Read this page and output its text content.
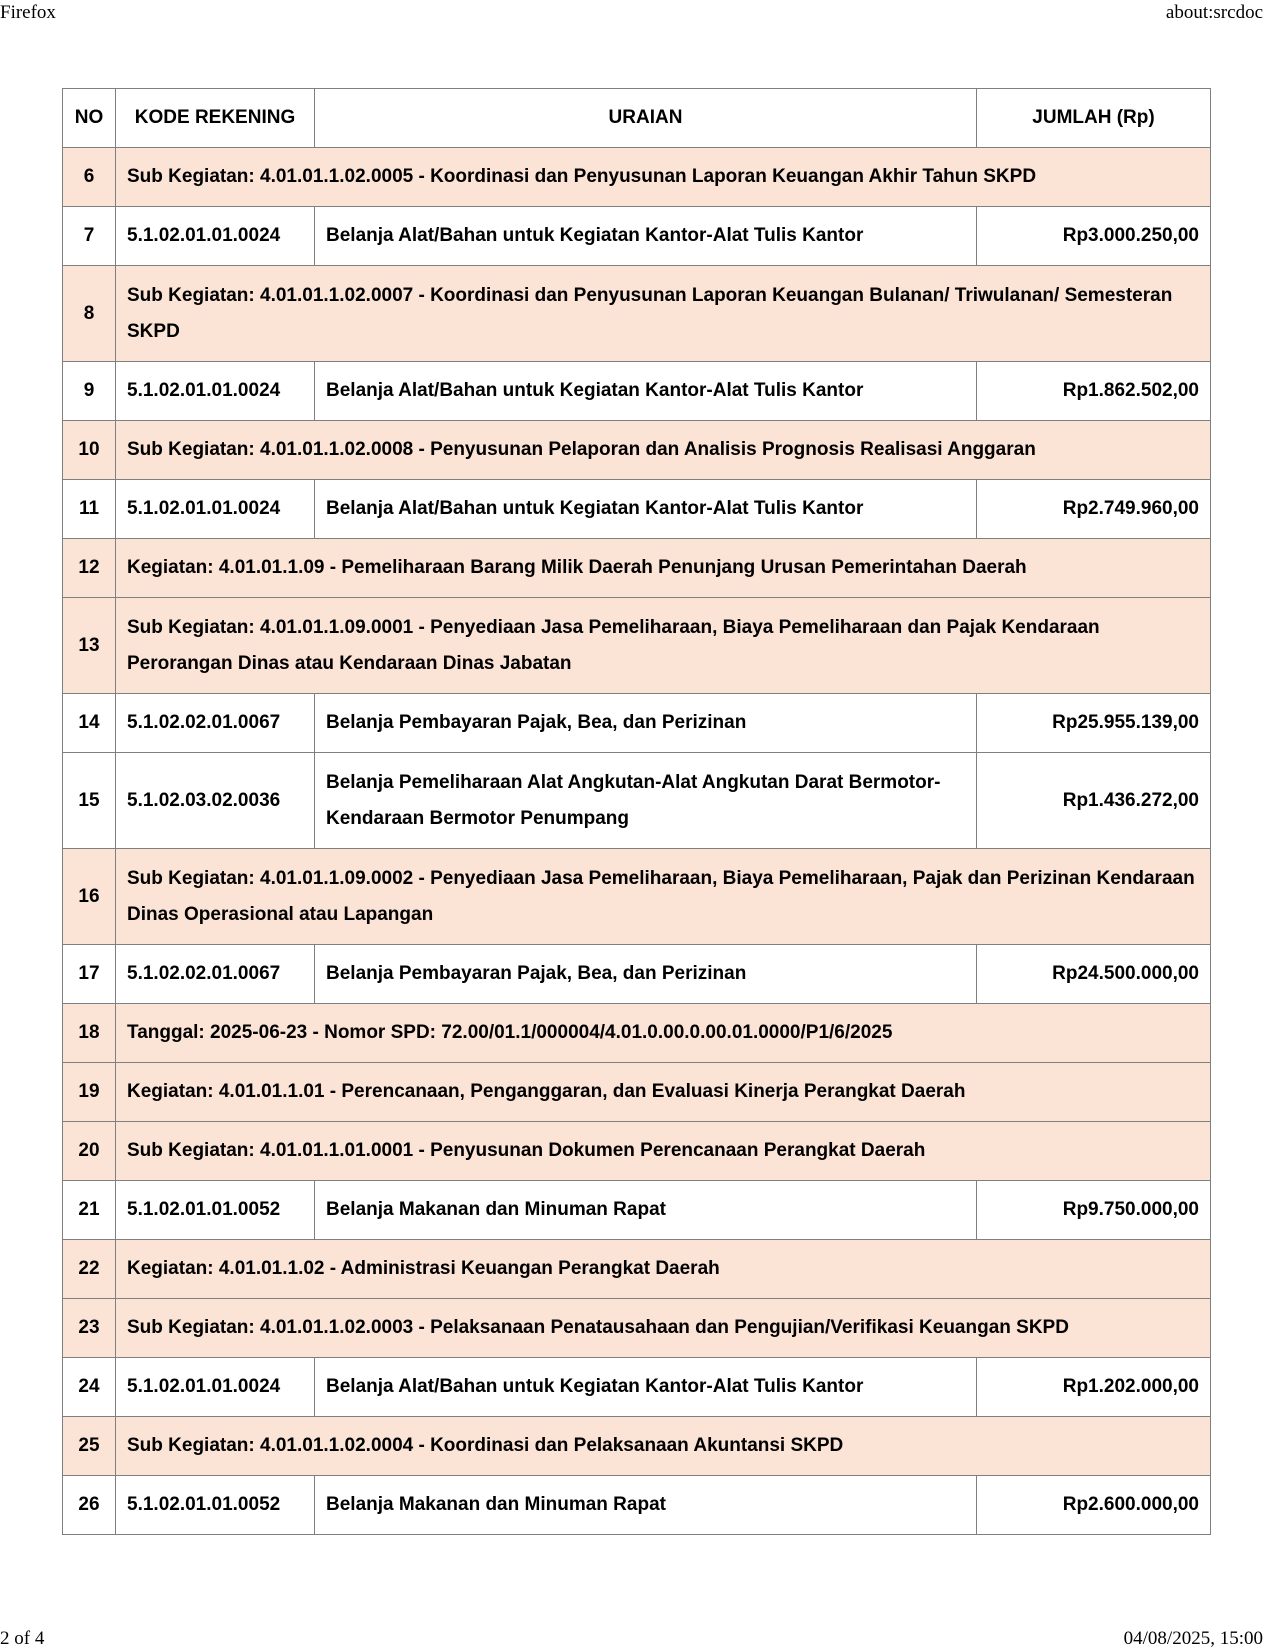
Firefox	about:srcdoc
NO	KODE REKENING	URAIAN	JUMLAH (Rp)
6	Sub Kegiatan: 4.01.01.1.02.0005 - Koordinasi dan Penyusunan Laporan Keuangan Akhir Tahun SKPD		
7	5.1.02.01.01.0024	Belanja Alat/Bahan untuk Kegiatan Kantor-Alat Tulis Kantor	Rp3.000.250,00
8	Sub Kegiatan: 4.01.01.1.02.0007 - Koordinasi dan Penyusunan Laporan Keuangan Bulanan/ Triwulanan/ Semesteran SKPD		
9	5.1.02.01.01.0024	Belanja Alat/Bahan untuk Kegiatan Kantor-Alat Tulis Kantor	Rp1.862.502,00
10	Sub Kegiatan: 4.01.01.1.02.0008 - Penyusunan Pelaporan dan Analisis Prognosis Realisasi Anggaran		
11	5.1.02.01.01.0024	Belanja Alat/Bahan untuk Kegiatan Kantor-Alat Tulis Kantor	Rp2.749.960,00
12	Kegiatan: 4.01.01.1.09 - Pemeliharaan Barang Milik Daerah Penunjang Urusan Pemerintahan Daerah		
13	Sub Kegiatan: 4.01.01.1.09.0001 - Penyediaan Jasa Pemeliharaan, Biaya Pemeliharaan dan Pajak Kendaraan Perorangan Dinas atau Kendaraan Dinas Jabatan		
14	5.1.02.02.01.0067	Belanja Pembayaran Pajak, Bea, dan Perizinan	Rp25.955.139,00
15	5.1.02.03.02.0036	Belanja Pemeliharaan Alat Angkutan-Alat Angkutan Darat Bermotor-Kendaraan Bermotor Penumpang	Rp1.436.272,00
16	Sub Kegiatan: 4.01.01.1.09.0002 - Penyediaan Jasa Pemeliharaan, Biaya Pemeliharaan, Pajak dan Perizinan Kendaraan Dinas Operasional atau Lapangan		
17	5.1.02.02.01.0067	Belanja Pembayaran Pajak, Bea, dan Perizinan	Rp24.500.000,00
18	Tanggal: 2025-06-23 - Nomor SPD: 72.00/01.1/000004/4.01.0.00.0.00.01.0000/P1/6/2025		
19	Kegiatan: 4.01.01.1.01 - Perencanaan, Penganggaran, dan Evaluasi Kinerja Perangkat Daerah		
20	Sub Kegiatan: 4.01.01.1.01.0001 - Penyusunan Dokumen Perencanaan Perangkat Daerah		
21	5.1.02.01.01.0052	Belanja Makanan dan Minuman Rapat	Rp9.750.000,00
22	Kegiatan: 4.01.01.1.02 - Administrasi Keuangan Perangkat Daerah		
23	Sub Kegiatan: 4.01.01.1.02.0003 - Pelaksanaan Penatausahaan dan Pengujian/Verifikasi Keuangan SKPD		
24	5.1.02.01.01.0024	Belanja Alat/Bahan untuk Kegiatan Kantor-Alat Tulis Kantor	Rp1.202.000,00
25	Sub Kegiatan: 4.01.01.1.02.0004 - Koordinasi dan Pelaksanaan Akuntansi SKPD		
26	5.1.02.01.01.0052	Belanja Makanan dan Minuman Rapat	Rp2.600.000,00
2 of 4	04/08/2025, 15:00
